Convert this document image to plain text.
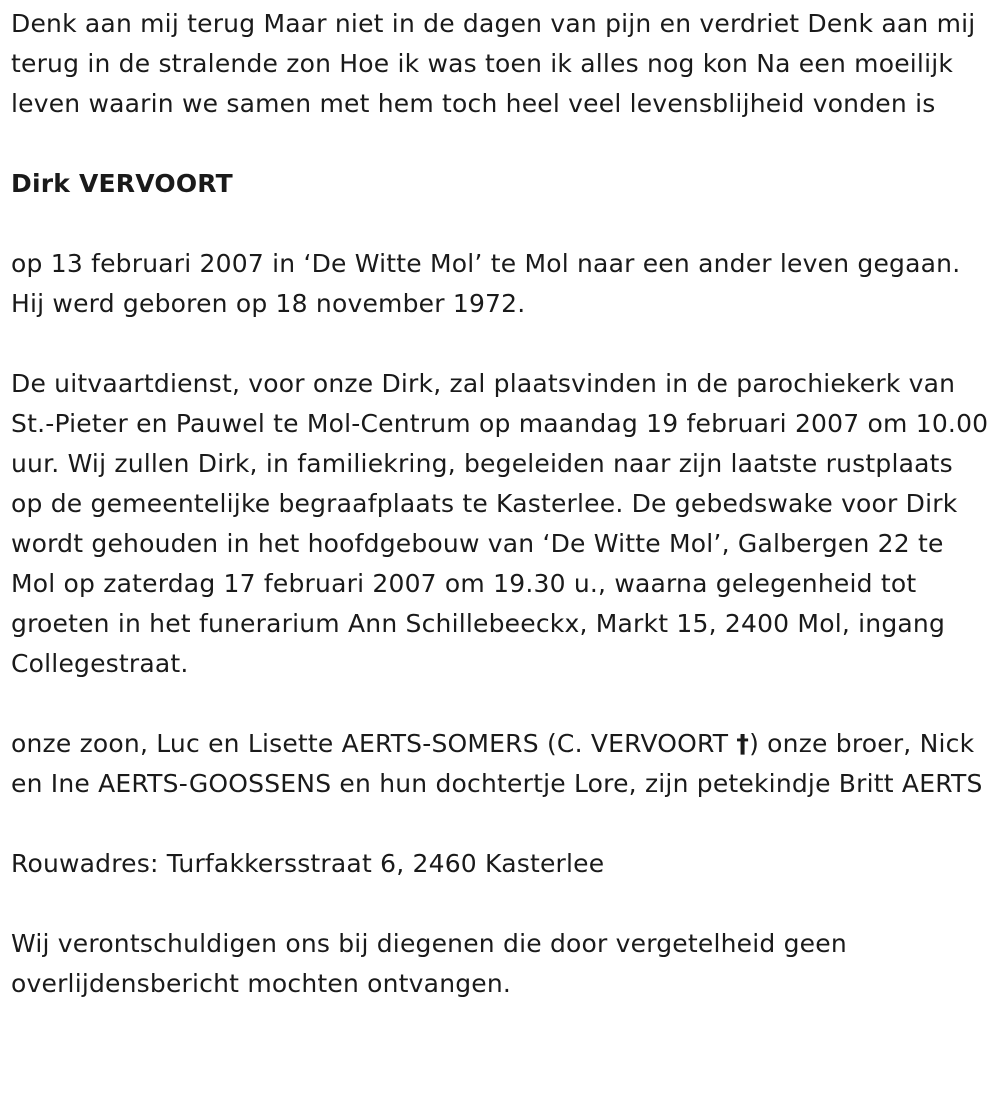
Denk aan mij terug Maar niet in de dagen van pijn en verdriet Denk aan mij terug in de stralende zon Hoe ik was toen ik alles nog kon Na een moeilijk leven waarin we samen met hem toch heel veel levensblijheid vonden is

Dirk VERVOORT

op 13 februari 2007 in ‘De Witte Mol’ te Mol naar een ander leven gegaan. Hij werd geboren op 18 november 1972.

De uitvaartdienst, voor onze Dirk, zal plaatsvinden in de parochiekerk van St.-Pieter en Pauwel te Mol-Centrum op maandag 19 februari 2007 om 10.00 uur. Wij zullen Dirk, in familiekring, begeleiden naar zijn laatste rustplaats op de gemeentelijke begraafplaats te Kasterlee. De gebedswake voor Dirk wordt gehouden in het hoofdgebouw van ‘De Witte Mol’, Galbergen 22 te Mol op zaterdag 17 februari 2007 om 19.30 u., waarna gelegenheid tot groeten in het funerarium Ann Schillebeeckx, Markt 15, 2400 Mol, ingang Collegestraat.

onze zoon, Luc en Lisette AERTS-SOMERS (C. VERVOORT †) onze broer, Nick en Ine AERTS-GOOSSENS en hun dochtertje Lore, zijn petekindje Britt AERTS

Rouwadres: Turfakkersstraat 6, 2460 Kasterlee

Wij verontschuldigen ons bij diegenen die door vergetelheid geen overlijdensbericht mochten ontvangen.
